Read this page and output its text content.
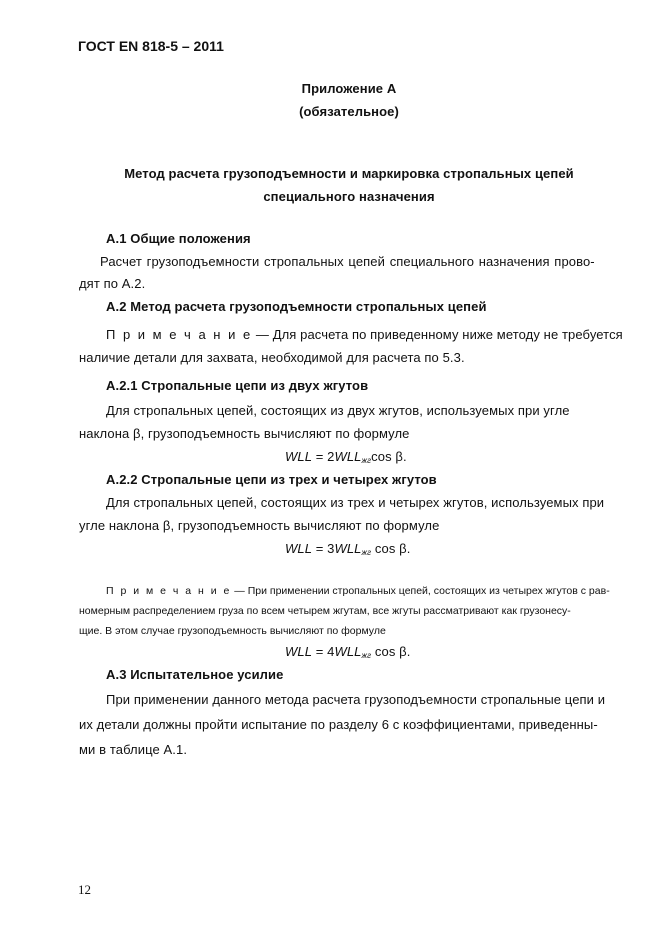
ГОСТ EN 818-5 – 2011
Приложение А
(обязательное)
Метод расчета грузоподъемности и маркировка стропальных цепей
специального назначения
А.1 Общие положения
Расчет грузоподъемности стропальных цепей специального назначения прово-
дят по А.2.
А.2 Метод расчета грузоподъемности стропальных цепей
П р и м е ч а н и е — Для расчета по приведенному ниже методу не требуется
наличие детали для захвата, необходимой для расчета по 5.3.
А.2.1 Стропальные цепи из двух жгутов
Для стропальных цепей, состоящих из двух жгутов, используемых при угле
наклона β, грузоподъемность вычисляют по формуле
WLL = $2WLL_{жг}\cos$ β.
А.2.2 Стропальные цепи из трех и четырех жгутов
Для стропальных цепей, состоящих из трех и четырех жгутов, используемых при
угле наклона β, грузоподъемность вычисляют по формуле
WLL = $3WLL_{жг}$ cos β.
П р и м е ч а н и е — При применении стропальных цепей, состоящих из четырех жгутов с рав-
номерным распределением груза по всем четырем жгутам, все жгуты рассматривают как грузонесу-
щие. В этом случае грузоподъемность вычисляют по формуле
WLL = $4WLL_{жг}$ cos β.
А.3 Испытательное усилие
При применении данного метода расчета грузоподъемности стропальные цепи и
их детали должны пройти испытание по разделу 6 с коэффициентами, приведенны-
ми в таблице А.1.
12
